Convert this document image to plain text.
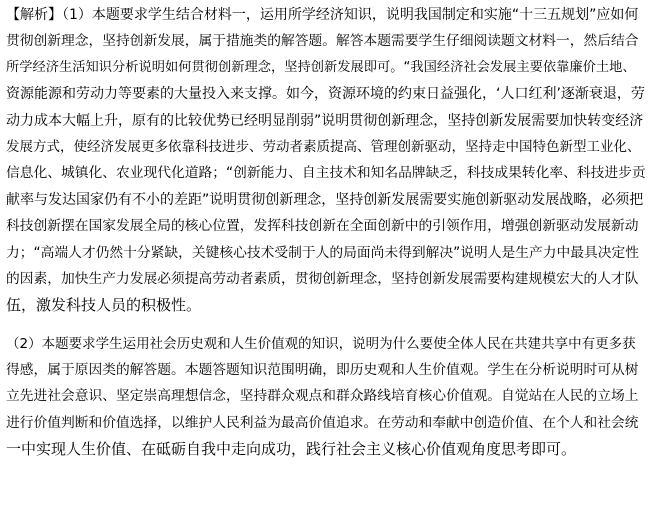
【解析】（1）本题要求学生结合材料一，运用所学经济知识，说明我国制定和实施“十三五规划”应如何
贯彻创新理念，坚持创新发展，属于措施类的解答题。解答本题需要学生仔细阅读题文材料一，然后结合
所学经济生活知识分析说明如何贯彻创新理念，坚持创新发展即可。“我国经济社会发展主要依靠廉价土地、
资源能源和劳动力等要素的大量投入来支撑。如今，资源环境的约束日益强化，‘人口红利’逐渐衰退，劳
动力成本大幅上升，原有的比较优势已经明显削弱”说明贯彻创新理念，坚持创新发展需要加快转变经济
发展方式，使经济发展更多依靠科技进步、劳动者素质提高、管理创新驱动，坚持走中国特色新型工业化、
信息化、城镇化、农业现代化道路；“创新能力、自主技术和知名品牌缺乏，科技成果转化率、科技进步贡
献率与发达国家仍有不小的差距”说明贯彻创新理念，坚持创新发展需要实施创新驱动发展战略，必须把
科技创新摆在国家发展全局的核心位置，发挥科技创新在全面创新中的引领作用，增强创新驱动发展新动
力；“高端人才仍然十分紧缺，关键核心技术受制于人的局面尚未得到解决”说明人是生产力中最具决定性
的因素，加快生产力发展必须提高劳动者素质，贯彻创新理念，坚持创新发展需要构建规模宏大的人才队
伍，激发科技人员的积极性。
（2）本题要求学生运用社会历史观和人生价值观的知识，说明为什么要使全体人民在共建共享中有更多获
得感，属于原因类的解答题。本题答题知识范围明确，即历史观和人生价值观。学生在分析说明时可从树
立先进社会意识、坚定崇高理想信念，坚持群众观点和群众路线培育核心价值观。自觉站在人民的立场上
进行价值判断和价值选择，以维护人民利益为最高价值追求。在劳动和奉献中创造价值、在个人和社会统
一中实现人生价值、在砥砺自我中走向成功，践行社会主义核心价值观角度思考即可。
